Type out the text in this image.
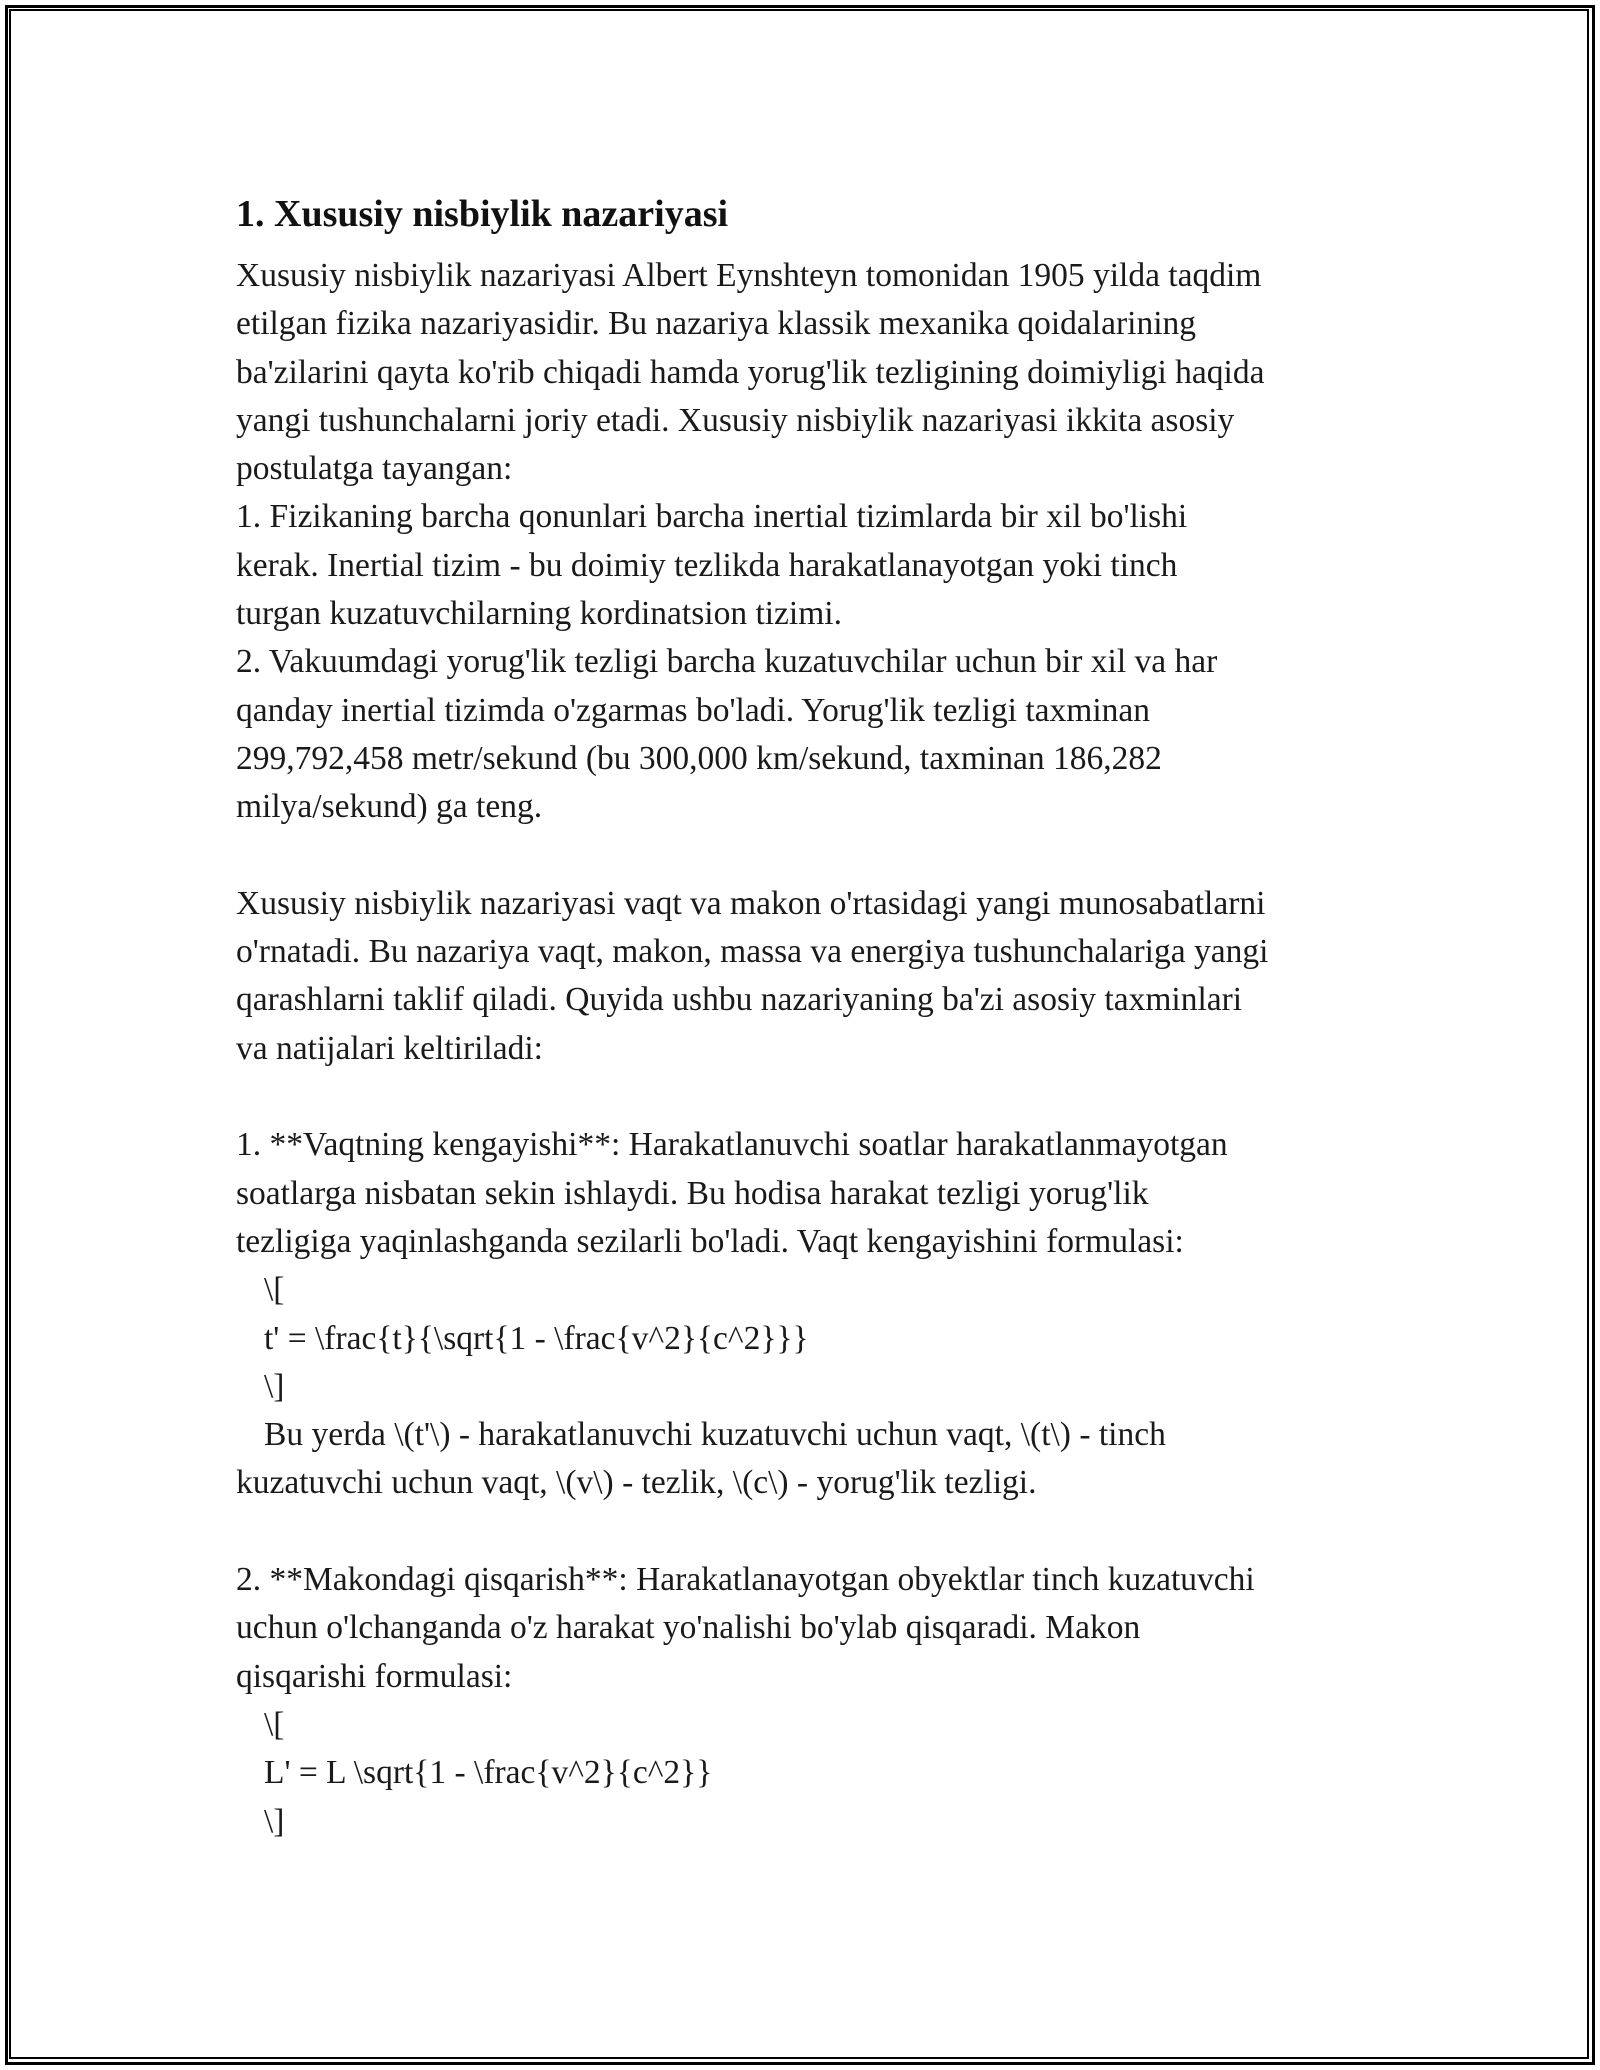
1. Xususiy nisbiylik nazariyasi
Xususiy nisbiylik nazariyasi Albert Eynshteyn tomonidan 1905 yilda taqdim
etilgan fizika nazariyasidir. Bu nazariya klassik mexanika qoidalarining
ba'zilarini qayta ko'rib chiqadi hamda yorug'lik tezligining doimiyligi haqida
yangi tushunchalarni joriy etadi. Xususiy nisbiylik nazariyasi ikkita asosiy
postulatga tayangan:
1. Fizikaning barcha qonunlari barcha inertial tizimlarda bir xil bo'lishi
kerak. Inertial tizim - bu doimiy tezlikda harakatlanayotgan yoki tinch
turgan kuzatuvchilarning kordinatsion tizimi.
2. Vakuumdagi yorug'lik tezligi barcha kuzatuvchilar uchun bir xil va har
qanday inertial tizimda o'zgarmas bo'ladi. Yorug'lik tezligi taxminan
299,792,458 metr/sekund (bu 300,000 km/sekund, taxminan 186,282
milya/sekund) ga teng.
Xususiy nisbiylik nazariyasi vaqt va makon o'rtasidagi yangi munosabatlarni
o'rnatadi. Bu nazariya vaqt, makon, massa va energiya tushunchalariga yangi
qarashlarni taklif qiladi. Quyida ushbu nazariyaning ba'zi asosiy taxminlari
va natijalari keltiriladi:
1. **Vaqtning kengayishi**: Harakatlanuvchi soatlar harakatlanmayotgan
soatlarga nisbatan sekin ishlaydi. Bu hodisa harakat tezligi yorug'lik
tezligiga yaqinlashganda sezilarli bo'ladi. Vaqt kengayishini formulasi:
\[
t' = \frac{t}{\sqrt{1 - \frac{v^2}{c^2}}}
\]
Bu yerda \(t'\) - harakatlanuvchi kuzatuvchi uchun vaqt, \(t\) - tinch
kuzatuvchi uchun vaqt, \(v\) - tezlik, \(c\) - yorug'lik tezligi.
2. **Makondagi qisqarish**: Harakatlanayotgan obyektlar tinch kuzatuvchi
uchun o'lchanganda o'z harakat yo'nalishi bo'ylab qisqaradi. Makon
qisqarishi formulasi:
\[
L' = L \sqrt{1 - \frac{v^2}{c^2}}
\]
